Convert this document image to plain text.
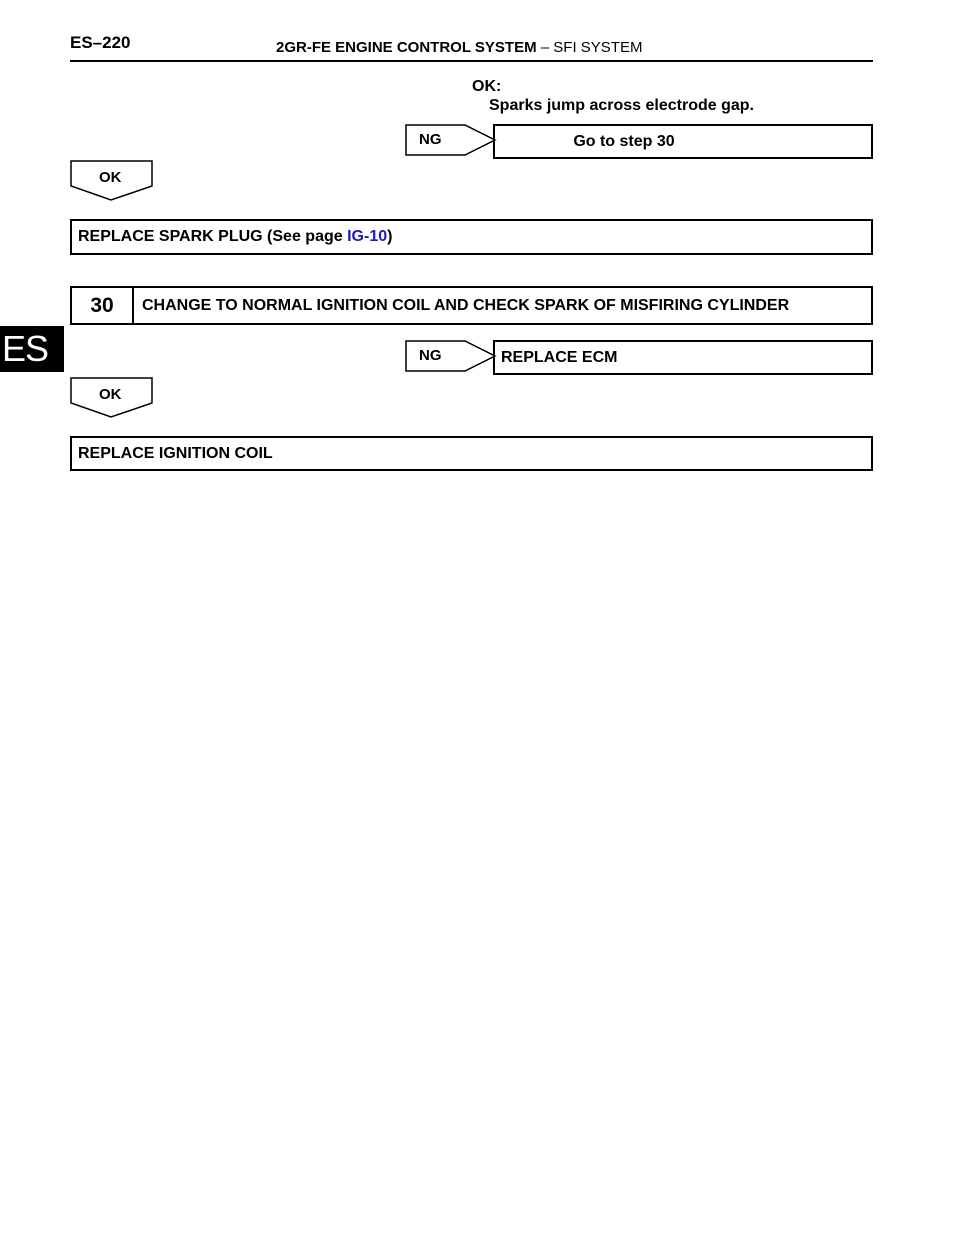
ES–220	2GR-FE ENGINE CONTROL SYSTEM – SFI SYSTEM
ES
OK:
Sparks jump across electrode gap.
NG	Go to step 30
OK
REPLACE SPARK PLUG (See page IG-10)
30	CHANGE TO NORMAL IGNITION COIL AND CHECK SPARK OF MISFIRING CYLINDER
NG	REPLACE ECM
OK
REPLACE IGNITION COIL
